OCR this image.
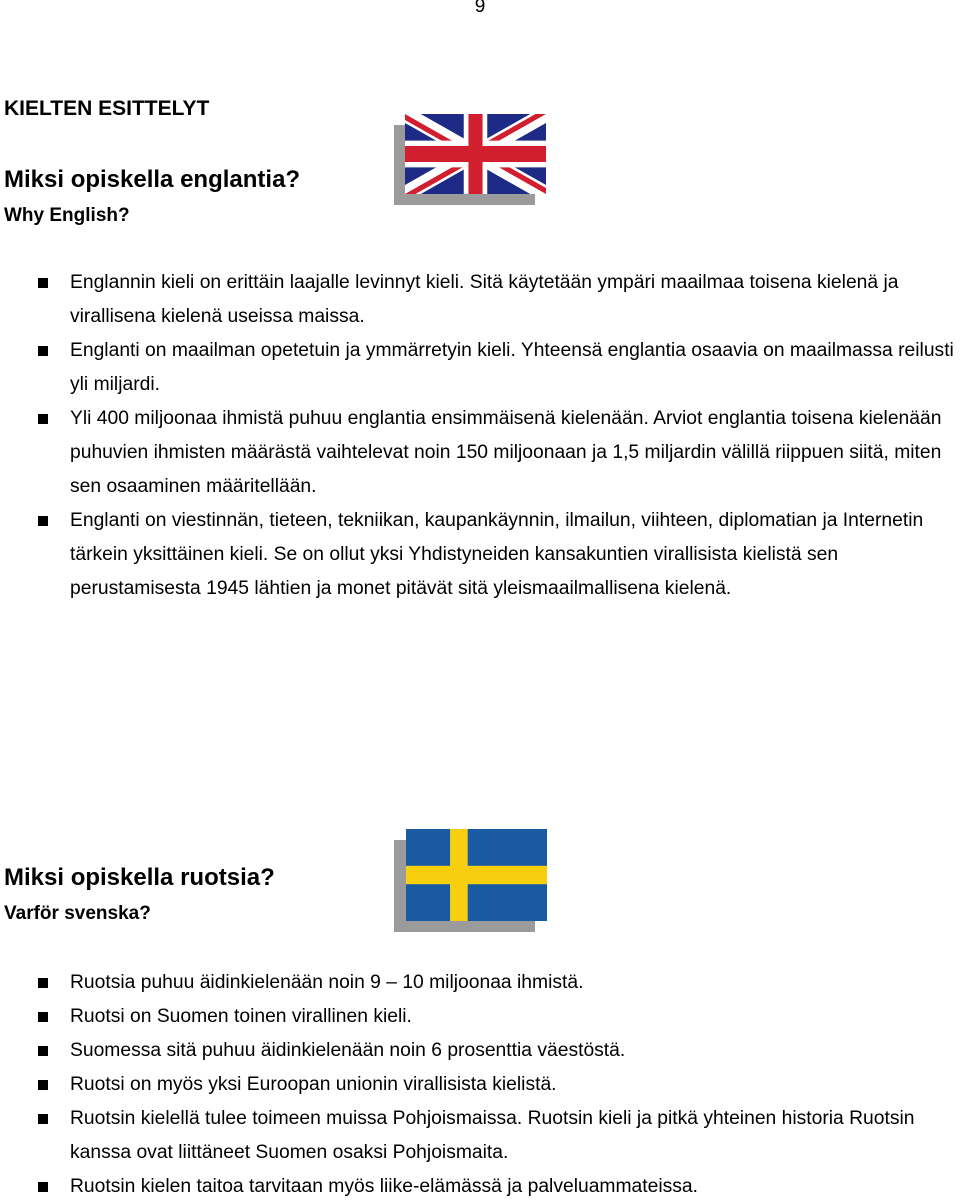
9
KIELTEN ESITTELYT
Miksi opiskella englantia?
Why English?
Englannin kieli on erittäin laajalle levinnyt kieli. Sitä käytetään ympäri maailmaa toisena kielenä ja virallisena kielenä useissa maissa.
Englanti on maailman opetetuin ja ymmärretyin kieli. Yhteensä englantia osaavia on maailmassa reilusti yli miljardi.
Yli 400 miljoonaa ihmistä puhuu englantia ensimmäisenä kielenään. Arviot englantia toisena kielenään puhuvien ihmisten määrästä vaihtelevat noin 150 miljoonaan ja 1,5 miljardin välillä riippuen siitä, miten sen osaaminen määritellään.
Englanti on viestinnän, tieteen, tekniikan, kaupankäynnin, ilmailun, viihteen, diplomatian ja Internetin tärkein yksittäinen kieli. Se on ollut yksi Yhdistyneiden kansakuntien virallisista kielistä sen perustamisesta 1945 lähtien ja monet pitävät sitä yleismaailmallisena kielenä.
Miksi opiskella ruotsia?
Varför svenska?
Ruotsia puhuu äidinkielenään noin 9 – 10 miljoonaa ihmistä.
Ruotsi on Suomen toinen virallinen kieli.
Suomessa sitä puhuu äidinkielenään noin 6 prosenttia väestöstä.
Ruotsi on myös yksi Euroopan unionin virallisista kielistä.
Ruotsin kielellä tulee toimeen muissa Pohjoismaissa. Ruotsin kieli ja pitkä yhteinen historia Ruotsin kanssa ovat liittäneet Suomen osaksi Pohjoismaita.
Ruotsin kielen taitoa tarvitaan myös liike-elämässä ja palveluammateissa.
